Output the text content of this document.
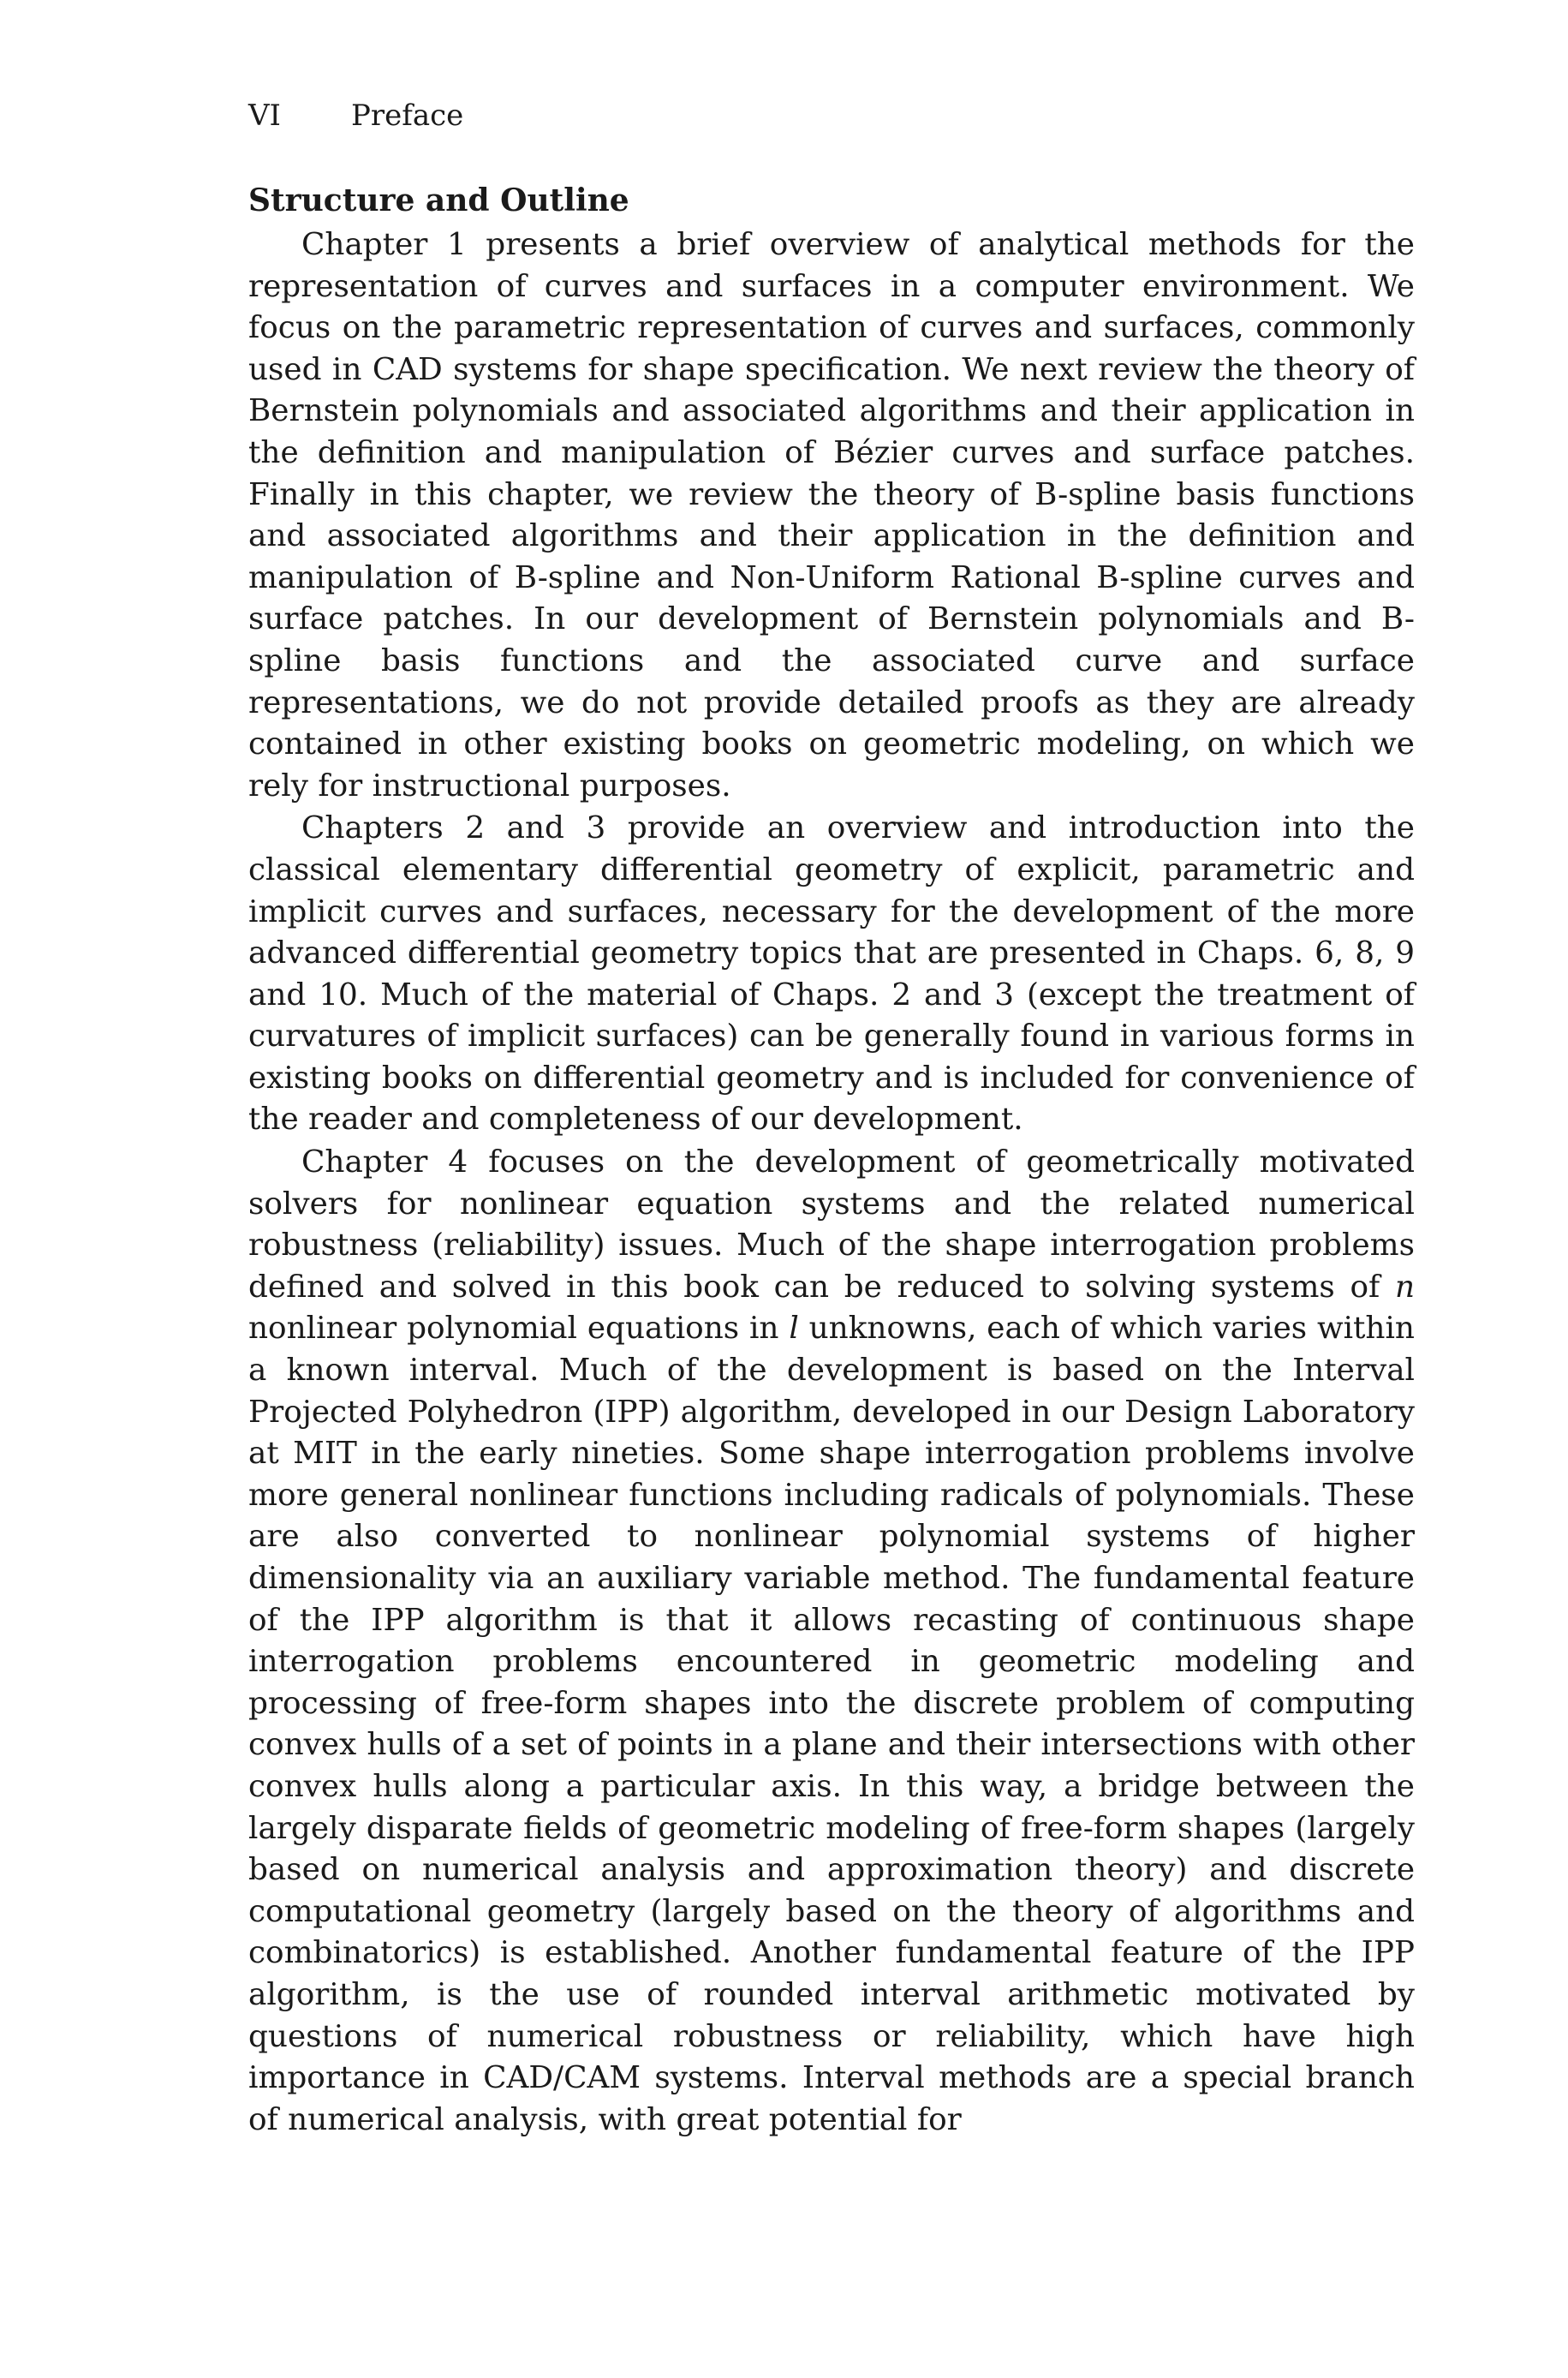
VI Preface
Structure and Outline

Chapter 1 presents a brief overview of analytical methods for the representation of curves and surfaces in a computer environment. We focus on the parametric representation of curves and surfaces, commonly used in CAD systems for shape specification. We next review the theory of Bernstein polynomials and associated algorithms and their application in the definition and manipulation of Bézier curves and surface patches. Finally in this chapter, we review the theory of B-spline basis functions and associated algorithms and their application in the definition and manipulation of B-spline and Non-Uniform Rational B-spline curves and surface patches. In our development of Bernstein polynomials and B-spline basis functions and the associated curve and surface representations, we do not provide detailed proofs as they are already contained in other existing books on geometric modeling, on which we rely for instructional purposes.

Chapters 2 and 3 provide an overview and introduction into the classical elementary differential geometry of explicit, parametric and implicit curves and surfaces, necessary for the development of the more advanced differential geometry topics that are presented in Chaps. 6, 8, 9 and 10. Much of the material of Chaps. 2 and 3 (except the treatment of curvatures of implicit surfaces) can be generally found in various forms in existing books on differential geometry and is included for convenience of the reader and completeness of our development.

Chapter 4 focuses on the development of geometrically motivated solvers for nonlinear equation systems and the related numerical robustness (reliability) issues. Much of the shape interrogation problems defined and solved in this book can be reduced to solving systems of n nonlinear polynomial equations in l unknowns, each of which varies within a known interval. Much of the development is based on the Interval Projected Polyhedron (IPP) algorithm, developed in our Design Laboratory at MIT in the early nineties. Some shape interrogation problems involve more general nonlinear functions including radicals of polynomials. These are also converted to nonlinear polynomial systems of higher dimensionality via an auxiliary variable method. The fundamental feature of the IPP algorithm is that it allows recasting of continuous shape interrogation problems encountered in geometric modeling and processing of free-form shapes into the discrete problem of computing convex hulls of a set of points in a plane and their intersections with other convex hulls along a particular axis. In this way, a bridge between the largely disparate fields of geometric modeling of free-form shapes (largely based on numerical analysis and approximation theory) and discrete computational geometry (largely based on the theory of algorithms and combinatorics) is established. Another fundamental feature of the IPP algorithm, is the use of rounded interval arithmetic motivated by questions of numerical robustness or reliability, which have high importance in CAD/CAM systems. Interval methods are a special branch of numerical analysis, with great potential for
